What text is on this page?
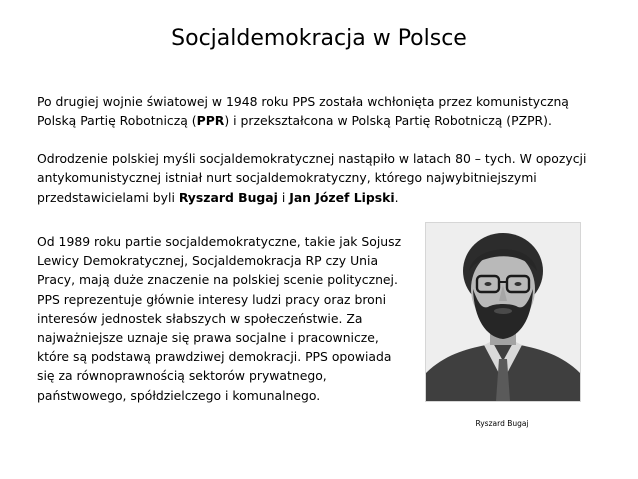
Socjaldemokracja w Polsce

Po drugiej wojnie światowej w 1948 roku PPS została wchłonięta przez komunistyczną Polską Partię Robotniczą (PPR) i przekształcona w Polską Partię Robotniczą (PZPR).

Odrodzenie polskiej myśli socjaldemokratycznej nastąpiło w latach 80 – tych. W opozycji antykomunistycznej istniał nurt socjaldemokratyczny, którego najwybitniejszymi przedstawicielami byli Ryszard Bugaj i Jan Józef Lipski.

Od 1989 roku partie socjaldemokratyczne, takie jak Sojusz Lewicy Demokratycznej, Socjaldemokracja RP czy Unia Pracy, mają duże znaczenie na polskiej scenie politycznej.

PPS reprezentuje głównie interesy ludzi pracy oraz broni interesów jednostek słabszych w społeczeństwie. Za najważniejsze uznaje się prawa socjalne i pracownicze, które są podstawą prawdziwej demokracji. PPS opowiada się za równoprawnością sektorów prywatnego, państwowego, spółdzielczego i komunalnego.

Ryszard Bugaj
